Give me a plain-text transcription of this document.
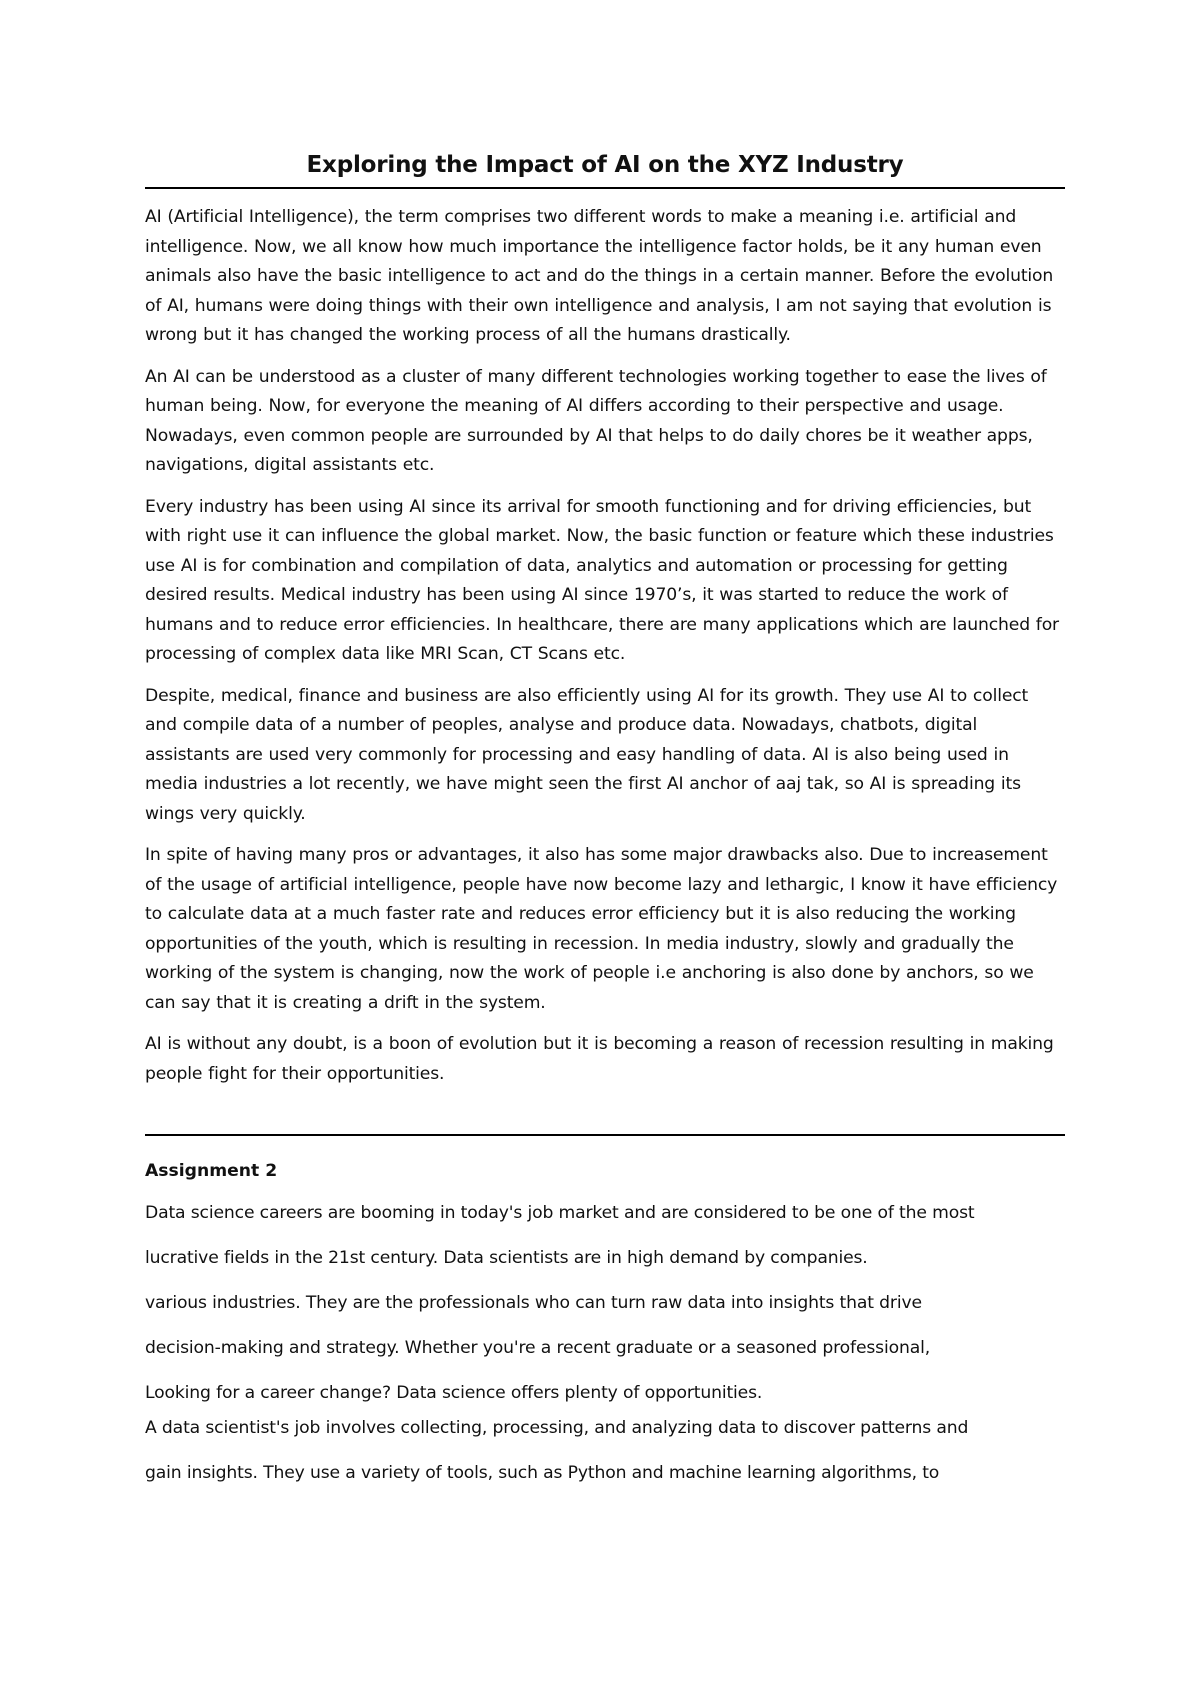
Exploring the Impact of AI on the XYZ Industry

AI (Artificial Intelligence), the term comprises two different words to make a meaning i.e. artificial and intelligence. Now, we all know how much importance the intelligence factor holds, be it any human even animals also have the basic intelligence to act and do the things in a certain manner. Before the evolution of AI, humans were doing things with their own intelligence and analysis, I am not saying that evolution is wrong but it has changed the working process of all the humans drastically.

An AI can be understood as a cluster of many different technologies working together to ease the lives of human being. Now, for everyone the meaning of AI differs according to their perspective and usage. Nowadays, even common people are surrounded by AI that helps to do daily chores be it weather apps, navigations, digital assistants etc.

Every industry has been using AI since its arrival for smooth functioning and for driving efficiencies, but with right use it can influence the global market. Now, the basic function or feature which these industries use AI is for combination and compilation of data, analytics and automation or processing for getting desired results. Medical industry has been using AI since 1970’s, it was started to reduce the work of humans and to reduce error efficiencies. In healthcare, there are many applications which are launched for processing of complex data like MRI Scan, CT Scans etc.

Despite, medical, finance and business are also efficiently using AI for its growth. They use AI to collect and compile data of a number of peoples, analyse and produce data. Nowadays, chatbots, digital assistants are used very commonly for processing and easy handling of data. AI is also being used in media industries a lot recently, we have might seen the first AI anchor of aaj tak, so AI is spreading its wings very quickly.

In spite of having many pros or advantages, it also has some major drawbacks also. Due to increasement of the usage of artificial intelligence, people have now become lazy and lethargic, I know it have efficiency to calculate data at a much faster rate and reduces error efficiency but it is also reducing the working opportunities of the youth, which is resulting in recession. In media industry, slowly and gradually the working of the system is changing, now the work of people i.e anchoring is also done by anchors, so we can say that it is creating a drift in the system.

AI is without any doubt, is a boon of evolution but it is becoming a reason of recession resulting in making people fight for their opportunities.

Assignment 2

Data science careers are booming in today's job market and are considered to be one of the most

lucrative fields in the 21st century. Data scientists are in high demand by companies.

various industries. They are the professionals who can turn raw data into insights that drive

decision-making and strategy. Whether you're a recent graduate or a seasoned professional,

Looking for a career change? Data science offers plenty of opportunities.

A data scientist's job involves collecting, processing, and analyzing data to discover patterns and

gain insights. They use a variety of tools, such as Python and machine learning algorithms, to
